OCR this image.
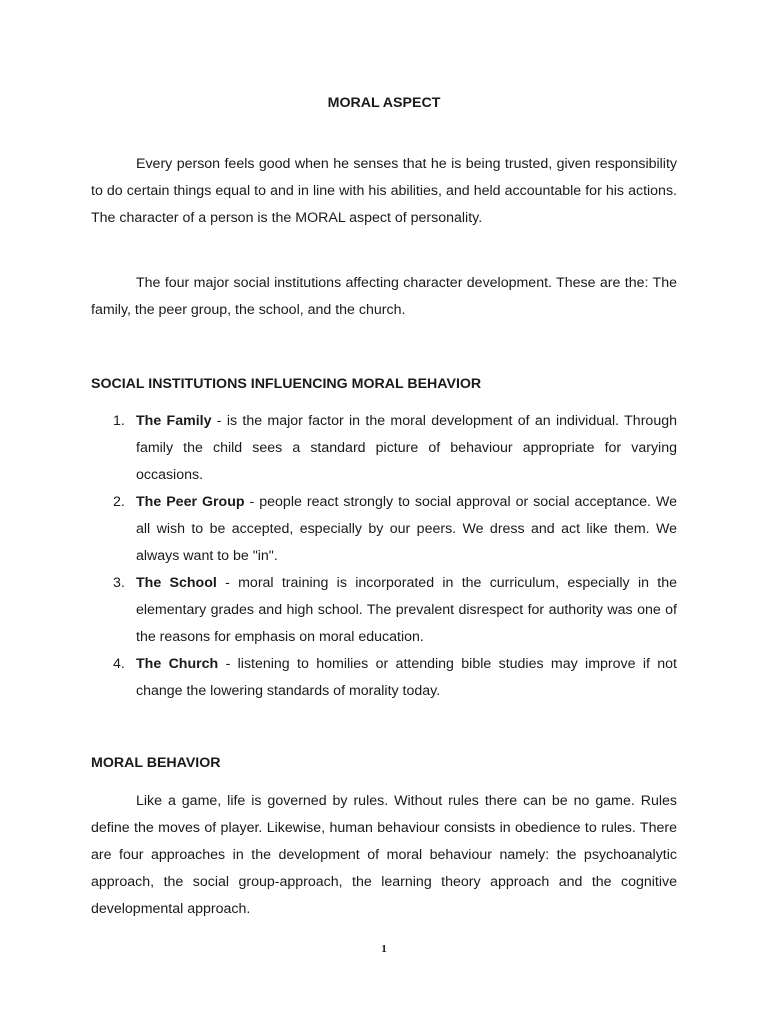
MORAL ASPECT

Every person feels good when he senses that he is being trusted, given responsibility to do certain things equal to and in line with his abilities, and held accountable for his actions. The character of a person is the MORAL aspect of personality.

The four major social institutions affecting character development. These are the: The family, the peer group, the school, and the church.

SOCIAL INSTITUTIONS INFLUENCING MORAL BEHAVIOR
1. The Family - is the major factor in the moral development of an individual. Through family the child sees a standard picture of behaviour appropriate for varying occasions.
2. The Peer Group - people react strongly to social approval or social acceptance. We all wish to be accepted, especially by our peers. We dress and act like them. We always want to be "in".
3. The School - moral training is incorporated in the curriculum, especially in the elementary grades and high school. The prevalent disrespect for authority was one of the reasons for emphasis on moral education.
4. The Church - listening to homilies or attending bible studies may improve if not change the lowering standards of morality today.
MORAL BEHAVIOR

Like a game, life is governed by rules. Without rules there can be no game. Rules define the moves of player. Likewise, human behaviour consists in obedience to rules. There are four approaches in the development of moral behaviour namely: the psychoanalytic approach, the social group-approach, the learning theory approach and the cognitive developmental approach.

1
